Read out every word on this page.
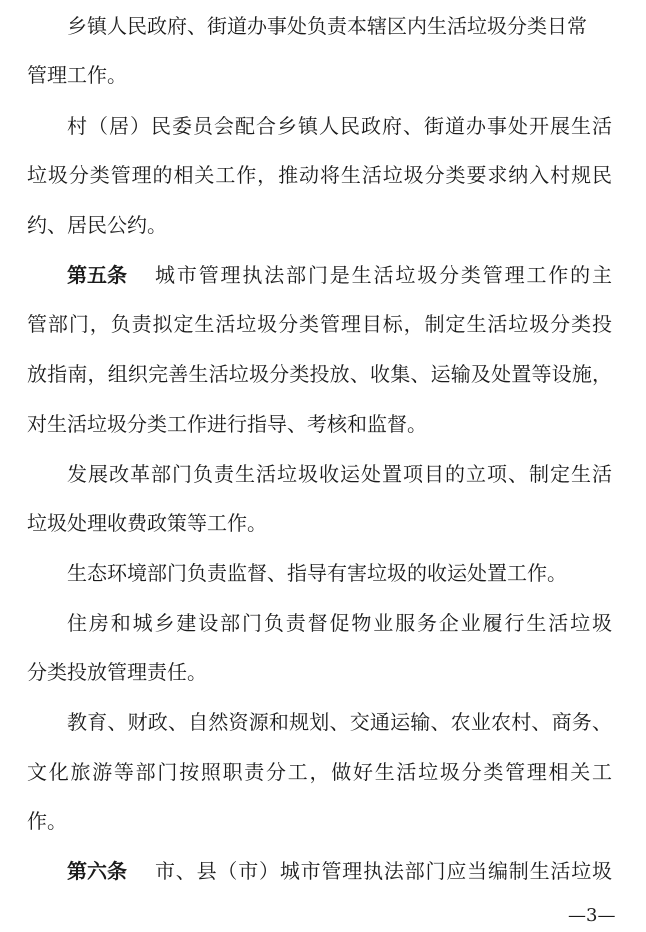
乡镇人民政府、街道办事处负责本辖区内生活垃圾分类日常
管理工作。
村（居）民委员会配合乡镇人民政府、街道办事处开展生活
垃圾分类管理的相关工作，推动将生活垃圾分类要求纳入村规民
约、居民公约。
第五条 城市管理执法部门是生活垃圾分类管理工作的主
管部门，负责拟定生活垃圾分类管理目标，制定生活垃圾分类投
放指南，组织完善生活垃圾分类投放、收集、运输及处置等设施，
对生活垃圾分类工作进行指导、考核和监督。
发展改革部门负责生活垃圾收运处置项目的立项、制定生活
垃圾处理收费政策等工作。
生态环境部门负责监督、指导有害垃圾的收运处置工作。
住房和城乡建设部门负责督促物业服务企业履行生活垃圾
分类投放管理责任。
教育、财政、自然资源和规划、交通运输、农业农村、商务、
文化旅游等部门按照职责分工，做好生活垃圾分类管理相关工
作。
第六条 市、县（市）城市管理执法部门应当编制生活垃圾
—3—
